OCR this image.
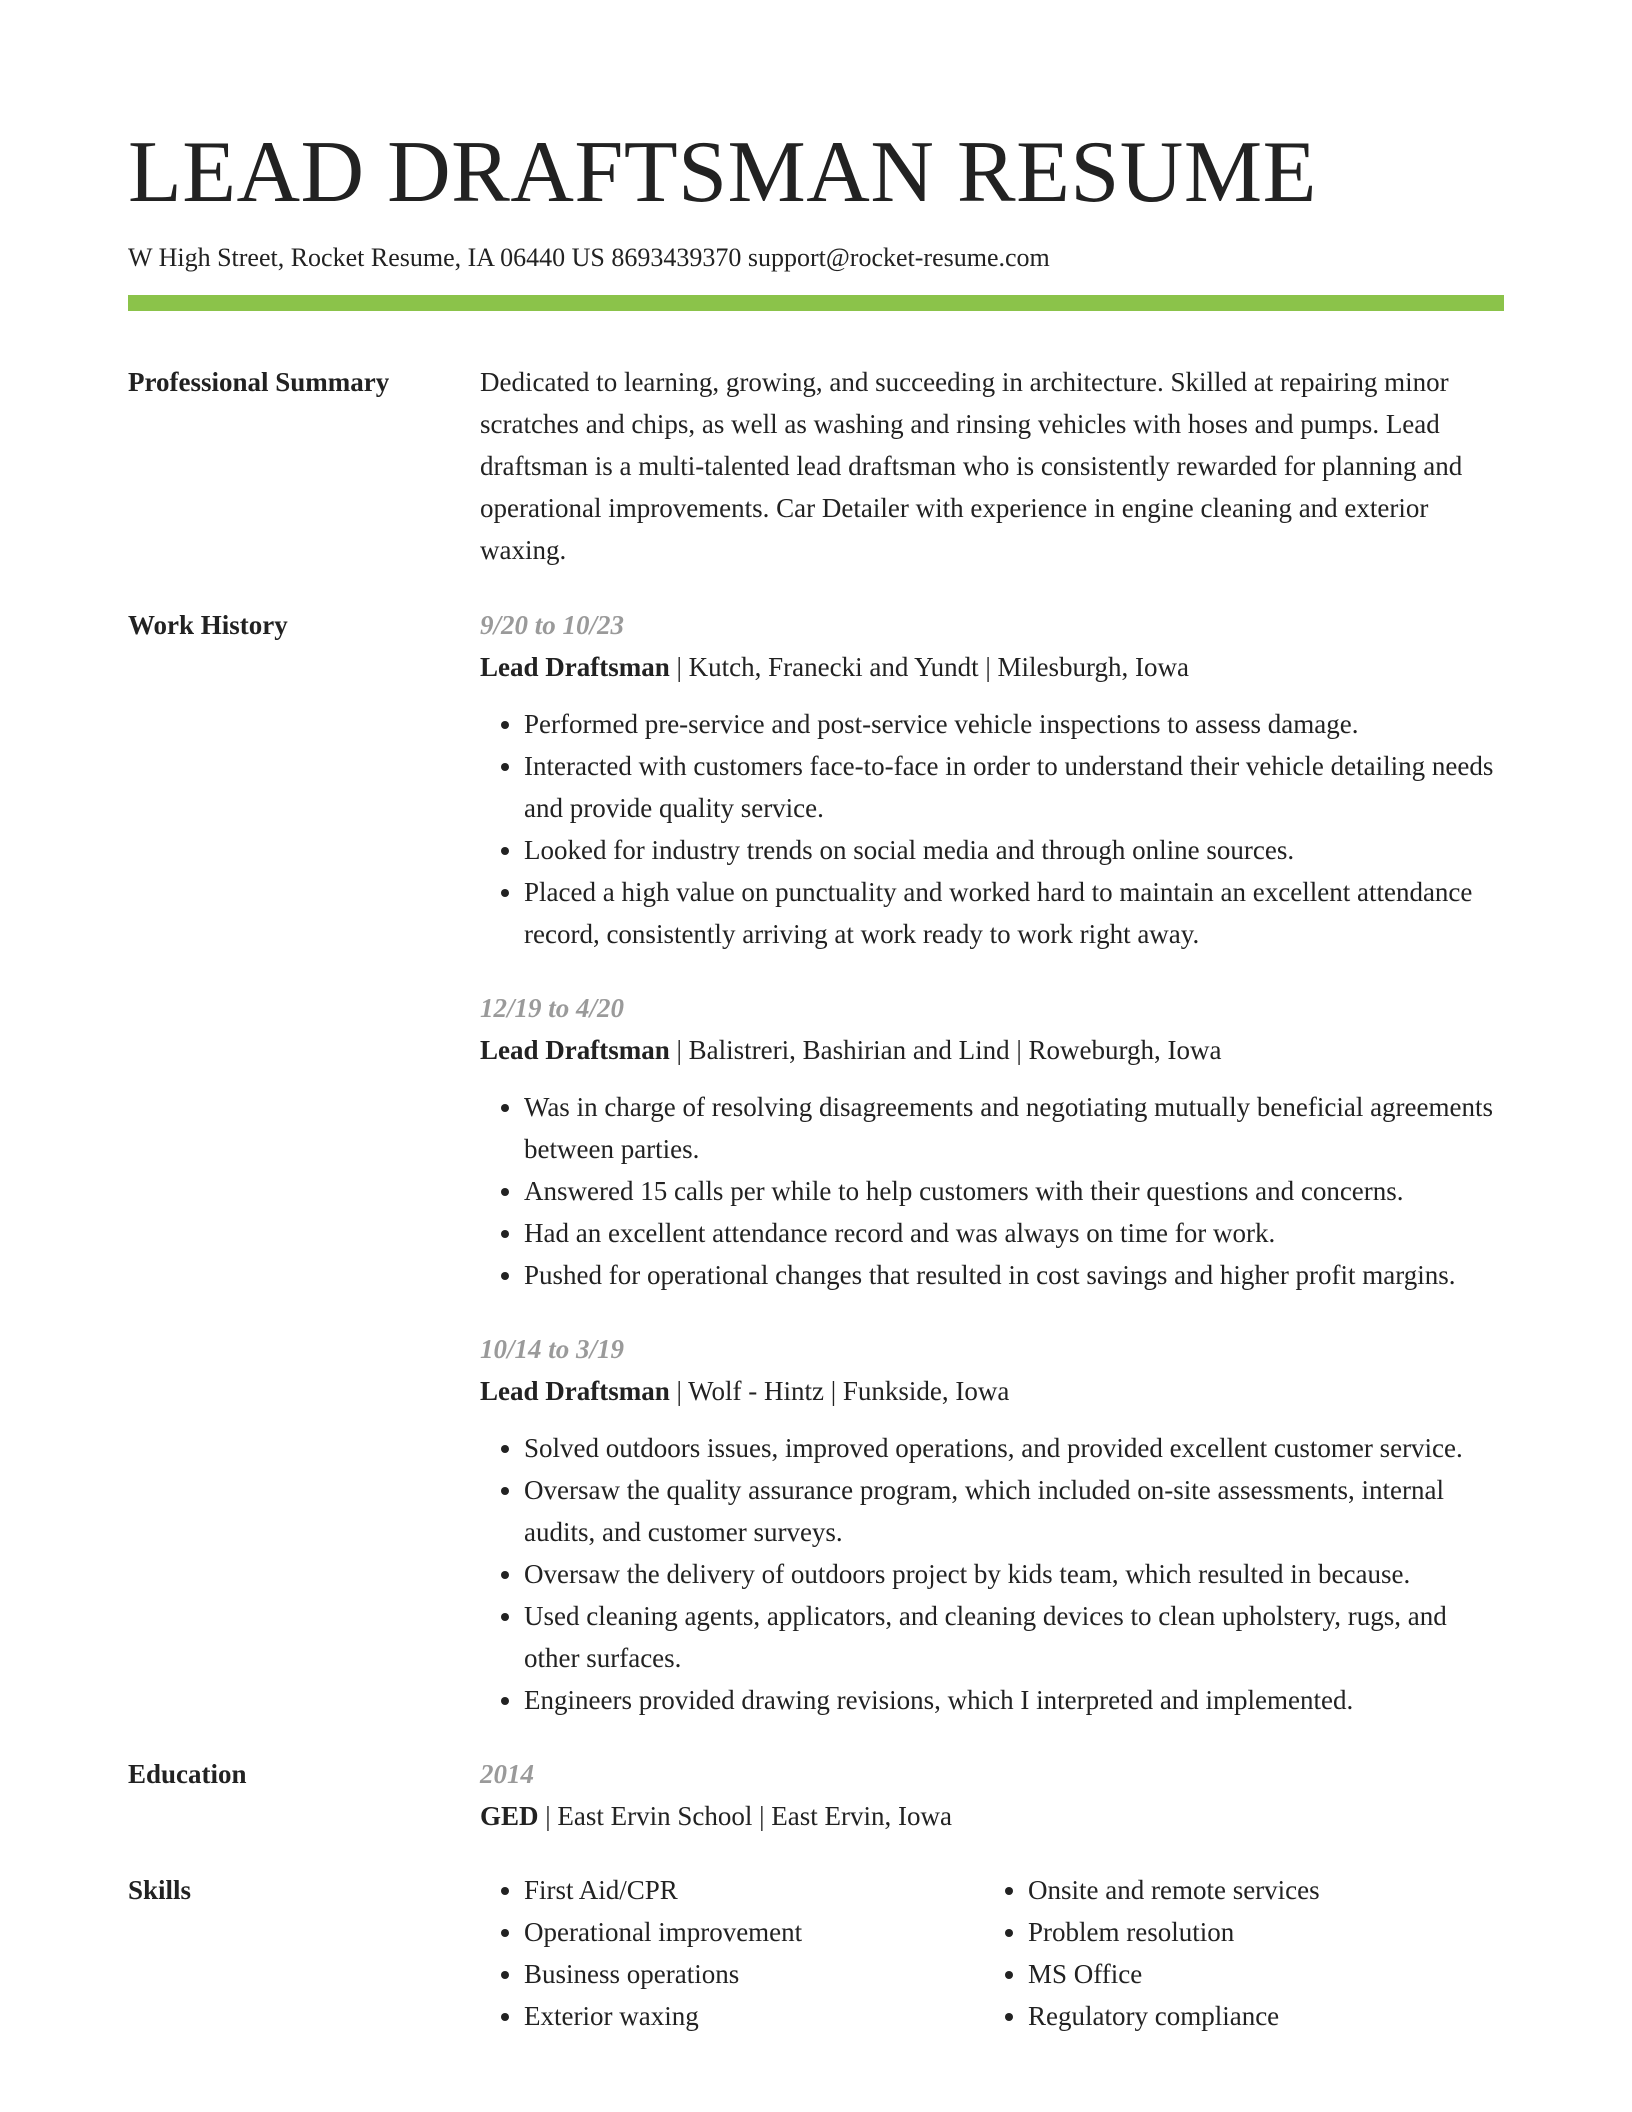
LEAD DRAFTSMAN RESUME
W High Street, Rocket Resume, IA 06440 US 8693439370 support@rocket-resume.com
Professional Summary	Dedicated to learning, growing, and succeeding in architecture. Skilled at repairing minor scratches and chips, as well as washing and rinsing vehicles with hoses and pumps. Lead draftsman is a multi-talented lead draftsman who is consistently rewarded for planning and operational improvements. Car Detailer with experience in engine cleaning and exterior waxing.
Work History	9/20 to 10/23
Lead Draftsman | Kutch, Franecki and Yundt | Milesburgh, Iowa
• Performed pre-service and post-service vehicle inspections to assess damage.
• Interacted with customers face-to-face in order to understand their vehicle detailing needs and provide quality service.
• Looked for industry trends on social media and through online sources.
• Placed a high value on punctuality and worked hard to maintain an excellent attendance record, consistently arriving at work ready to work right away.
12/19 to 4/20
Lead Draftsman | Balistreri, Bashirian and Lind | Roweburgh, Iowa
• Was in charge of resolving disagreements and negotiating mutually beneficial agreements between parties.
• Answered 15 calls per while to help customers with their questions and concerns.
• Had an excellent attendance record and was always on time for work.
• Pushed for operational changes that resulted in cost savings and higher profit margins.
10/14 to 3/19
Lead Draftsman | Wolf - Hintz | Funkside, Iowa
• Solved outdoors issues, improved operations, and provided excellent customer service.
• Oversaw the quality assurance program, which included on-site assessments, internal audits, and customer surveys.
• Oversaw the delivery of outdoors project by kids team, which resulted in because.
• Used cleaning agents, applicators, and cleaning devices to clean upholstery, rugs, and other surfaces.
• Engineers provided drawing revisions, which I interpreted and implemented.
Education	2014
GED | East Ervin School | East Ervin, Iowa
Skills
•	First Aid/CPR
• Operational improvement
• Business operations
• Exterior waxing
• Onsite and remote services
• Problem resolution
• MS Office
• Regulatory compliance
